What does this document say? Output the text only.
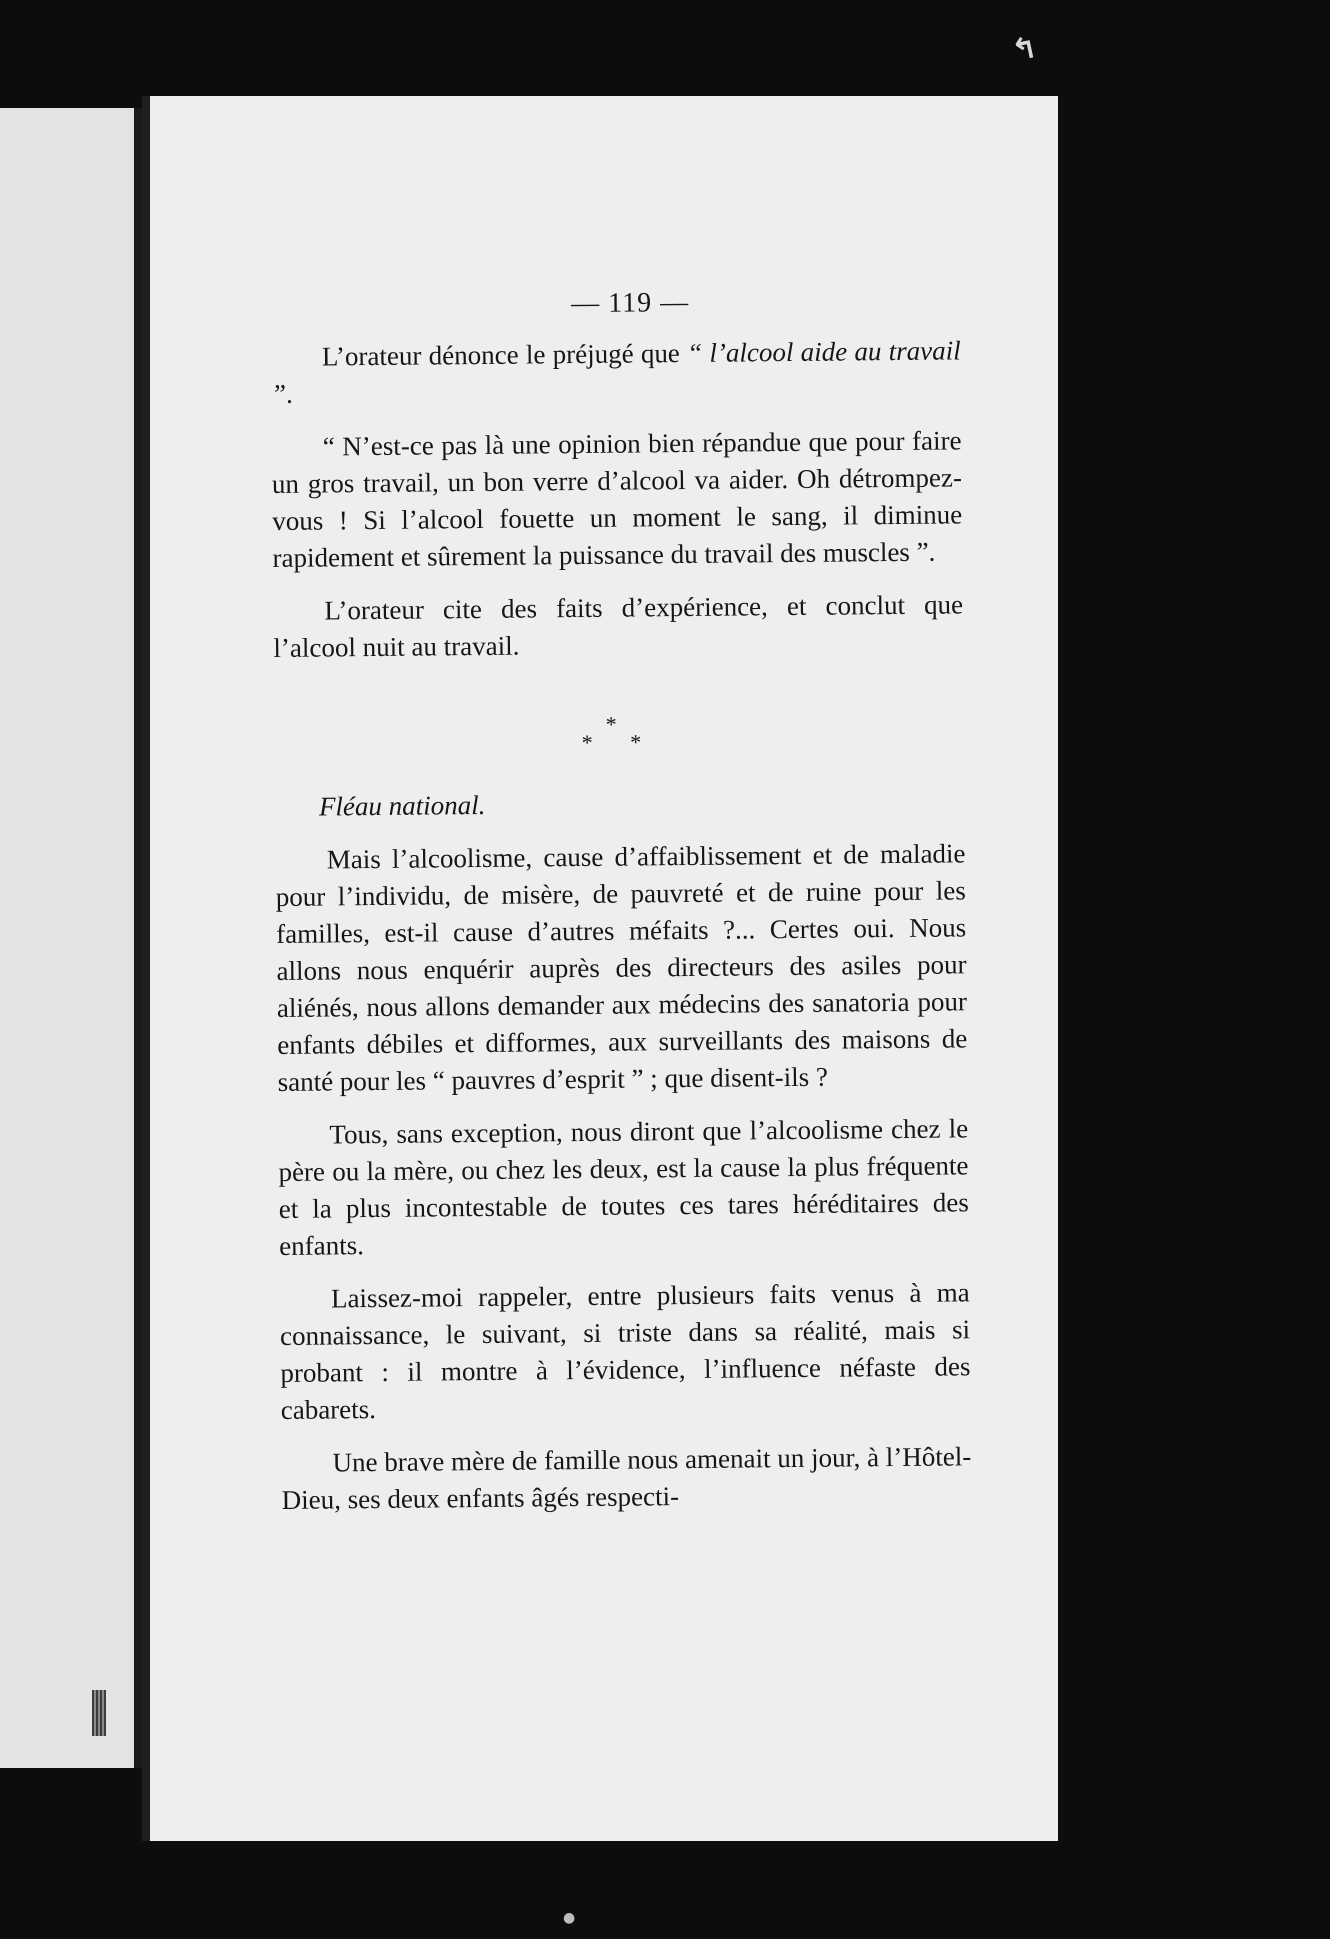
↰
— 119 —

L’orateur dénonce le préjugé que “ l’alcool aide au travail ”.

“ N’est-ce pas là une opinion bien répandue que pour faire un gros travail, un bon verre d’alcool va aider. Oh détrompez-vous ! Si l’alcool fouette un moment le sang, il diminue rapidement et sûrement la puissance du travail des muscles ”.

L’orateur cite des faits d’expérience, et conclut que l’alcool nuit au travail.

*
* *
Fléau national.

Mais l’alcoolisme, cause d’affaiblissement et de maladie pour l’individu, de misère, de pauvreté et de ruine pour les familles, est-il cause d’autres méfaits ?... Certes oui. Nous allons nous enquérir auprès des directeurs des asiles pour aliénés, nous allons demander aux médecins des sanatoria pour enfants débiles et difformes, aux surveillants des maisons de santé pour les “ pauvres d’esprit ” ; que disent-ils ?

Tous, sans exception, nous diront que l’alcoolisme chez le père ou la mère, ou chez les deux, est la cause la plus fréquente et la plus incontestable de toutes ces tares héréditaires des enfants.

Laissez-moi rappeler, entre plusieurs faits venus à ma connaissance, le suivant, si triste dans sa réalité, mais si probant : il montre à l’évidence, l’influence néfaste des cabarets.

Une brave mère de famille nous amenait un jour, à l’Hôtel-Dieu, ses deux enfants âgés respecti-

●
